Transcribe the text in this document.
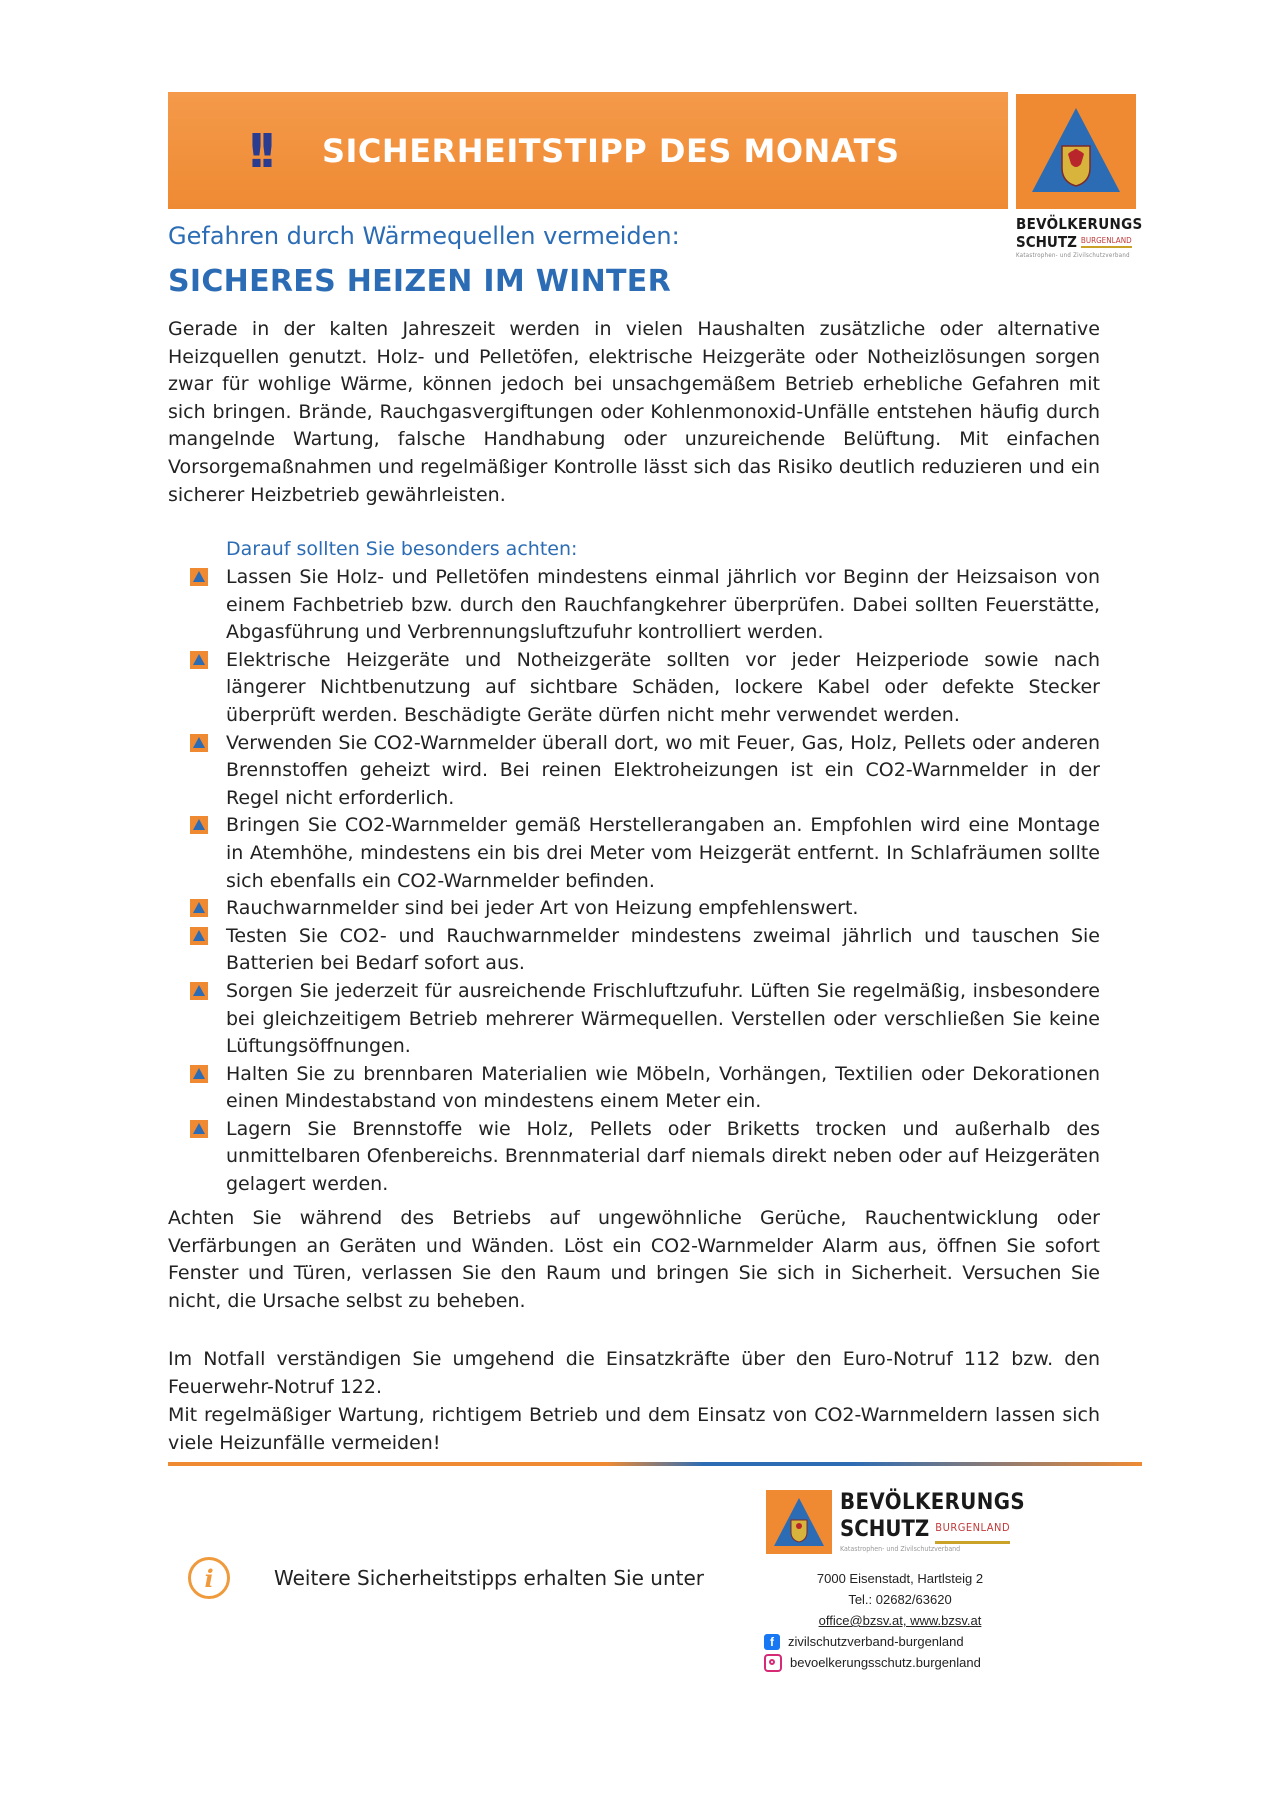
!! SICHERHEITSTIPP DES MONATS
BEVÖLKERUNGS
SCHUTZ BURGENLAND
Katastrophen- und Zivilschutzverband
Gefahren durch Wärmequellen vermeiden:
SICHERES HEIZEN IM WINTER
Gerade in der kalten Jahreszeit werden in vielen Haushalten zusätzliche oder alternative Heizquellen genutzt. Holz- und Pelletöfen, elektrische Heizgeräte oder Notheizlösungen sorgen zwar für wohlige Wärme, können jedoch bei unsachgemäßem Betrieb erhebliche Gefahren mit sich bringen. Brände, Rauchgasvergiftungen oder Kohlenmonoxid-Unfälle entstehen häufig durch mangelnde Wartung, falsche Handhabung oder unzureichende Belüftung. Mit einfachen Vorsorgemaßnahmen und regelmäßiger Kontrolle lässt sich das Risiko deutlich reduzieren und ein sicherer Heizbetrieb gewährleisten.
Darauf sollten Sie besonders achten:
Lassen Sie Holz- und Pelletöfen mindestens einmal jährlich vor Beginn der Heizsaison von einem Fachbetrieb bzw. durch den Rauchfangkehrer überprüfen. Dabei sollten Feuerstätte, Abgasführung und Verbrennungsluftzufuhr kontrolliert werden.
Elektrische Heizgeräte und Notheizgeräte sollten vor jeder Heizperiode sowie nach längerer Nichtbenutzung auf sichtbare Schäden, lockere Kabel oder defekte Stecker überprüft werden. Beschädigte Geräte dürfen nicht mehr verwendet werden.
Verwenden Sie CO2-Warnmelder überall dort, wo mit Feuer, Gas, Holz, Pellets oder anderen Brennstoffen geheizt wird. Bei reinen Elektroheizungen ist ein CO2-Warnmelder in der Regel nicht erforderlich.
Bringen Sie CO2-Warnmelder gemäß Herstellerangaben an. Empfohlen wird eine Montage in Atemhöhe, mindestens ein bis drei Meter vom Heizgerät entfernt. In Schlafräumen sollte sich ebenfalls ein CO2-Warnmelder befinden.
Rauchwarnmelder sind bei jeder Art von Heizung empfehlenswert.
Testen Sie CO2- und Rauchwarnmelder mindestens zweimal jährlich und tauschen Sie Batterien bei Bedarf sofort aus.
Sorgen Sie jederzeit für ausreichende Frischluftzufuhr. Lüften Sie regelmäßig, insbesondere bei gleichzeitigem Betrieb mehrerer Wärmequellen. Verstellen oder verschließen Sie keine Lüftungsöffnungen.
Halten Sie zu brennbaren Materialien wie Möbeln, Vorhängen, Textilien oder Dekorationen einen Mindestabstand von mindestens einem Meter ein.
Lagern Sie Brennstoffe wie Holz, Pellets oder Briketts trocken und außerhalb des unmittelbaren Ofenbereichs. Brennmaterial darf niemals direkt neben oder auf Heizgeräten gelagert werden.
Achten Sie während des Betriebs auf ungewöhnliche Gerüche, Rauchentwicklung oder Verfärbungen an Geräten und Wänden. Löst ein CO2-Warnmelder Alarm aus, öffnen Sie sofort Fenster und Türen, verlassen Sie den Raum und bringen Sie sich in Sicherheit. Versuchen Sie nicht, die Ursache selbst zu beheben.
Im Notfall verständigen Sie umgehend die Einsatzkräfte über den Euro-Notruf 112 bzw. den Feuerwehr-Notruf 122.
Mit regelmäßiger Wartung, richtigem Betrieb und dem Einsatz von CO2-Warnmeldern lassen sich viele Heizunfälle vermeiden!
BEVÖLKERUNGS
SCHUTZ BURGENLAND
Katastrophen- und Zivilschutzverband
i	Weitere Sicherheitstipps erhalten Sie unter	7000 Eisenstadt, Hartlsteig 2
Tel.: 02682/63620
office@bzsv.at, www.bzsv.at
f	zivilschutzverband-burgenland
bevoelkerungsschutz.burgenland
